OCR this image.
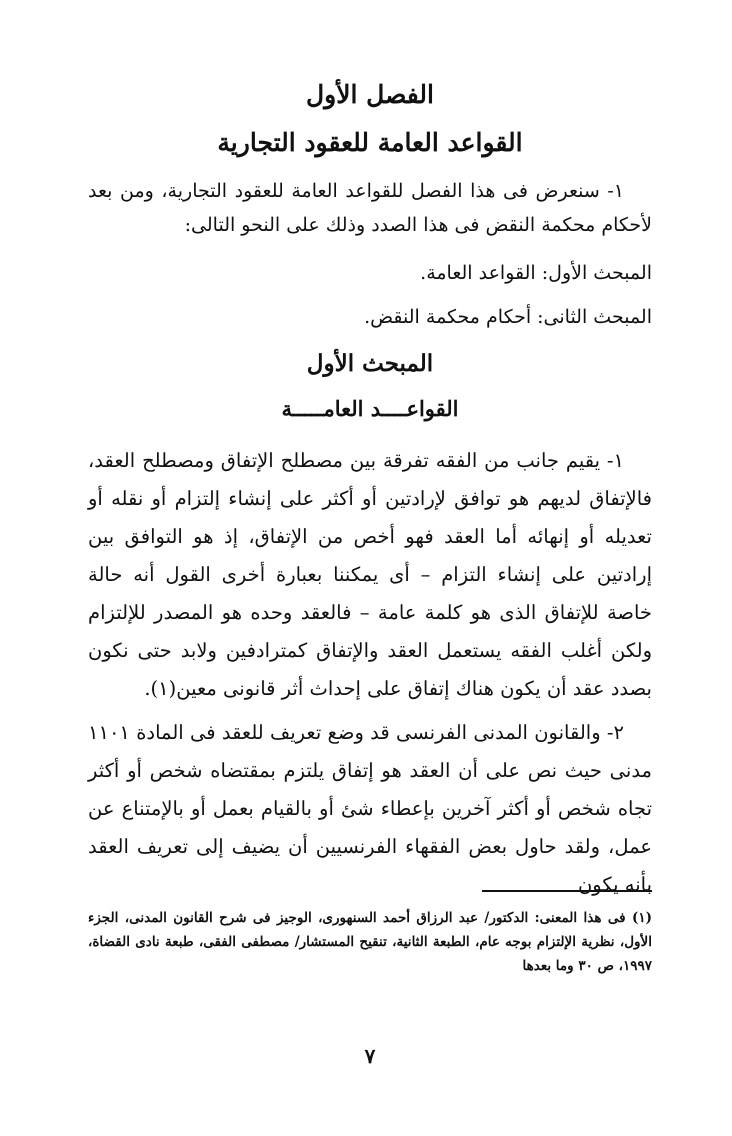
الفصل الأول
القواعد العامة للعقود التجارية

١- سنعرض فى هذا الفصل للقواعد العامة للعقود التجارية، ومن بعد لأحكام محكمة النقض فى هذا الصدد وذلك على النحو التالى:

المبحث الأول: القواعد العامة.

المبحث الثانى: أحكام محكمة النقض.

المبحث الأول
القواعــــد العامـــــة

١- يقيم جانب من الفقه تفرقة بين مصطلح الإتفاق ومصطلح العقد، فالإتفاق لديهم هو توافق لإرادتين أو أكثر على إنشاء إلتزام أو نقله أو تعديله أو إنهائه أما العقد فهو أخص من الإتفاق، إذ هو التوافق بين إرادتين على إنشاء التزام – أى يمكننا بعبارة أخرى القول أنه حالة خاصة للإتفاق الذى هو كلمة عامة – فالعقد وحده هو المصدر للإلتزام ولكن أغلب الفقه يستعمل العقد والإتفاق كمترادفين ولابد حتى نكون بصدد عقد أن يكون هناك إتفاق على إحداث أثر قانونى معين(١).

٢- والقانون المدنى الفرنسى قد وضع تعريف للعقد فى المادة ١١٠١ مدنى حيث نص على أن العقد هو إتفاق يلتزم بمقتضاه شخص أو أكثر تجاه شخص أو أكثر آخرين بإعطاء شئ أو بالقيام بعمل أو بالإمتناع عن عمل، ولقد حاول بعض الفقهاء الفرنسيين أن يضيف إلى تعريف العقد بأنه يكون

(١) فى هذا المعنى: الدكتور/ عبد الرزاق أحمد السنهورى، الوجيز فى شرح القانون المدنى، الجزء الأول، نظرية الإلتزام بوجه عام، الطبعة الثانية، تنقيح المستشار/ مصطفى الفقى، طبعة نادى القضاة، ١٩٩٧، ص ٣٠ وما بعدها

٧
